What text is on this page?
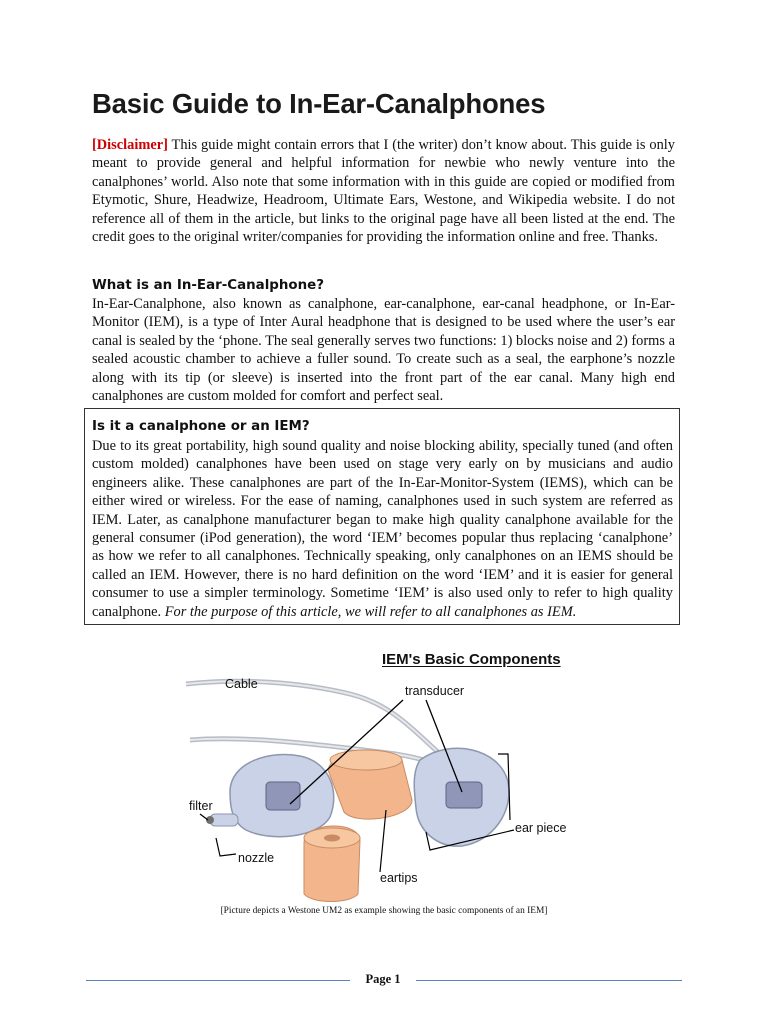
Basic Guide to In-Ear-Canalphones

[Disclaimer] This guide might contain errors that I (the writer) don’t know about. This guide is only meant to provide general and helpful information for newbie who newly venture into the canalphones’ world. Also note that some information with in this guide are copied or modified from Etymotic, Shure, Headwize, Headroom, Ultimate Ears, Westone, and Wikipedia website. I do not reference all of them in the article, but links to the original page have all been listed at the end. The credit goes to the original writer/companies for providing the information online and free. Thanks.

What is an In-Ear-Canalphone?

In-Ear-Canalphone, also known as canalphone, ear-canalphone, ear-canal headphone, or In-Ear-Monitor (IEM), is a type of Inter Aural headphone that is designed to be used where the user’s ear canal is sealed by the ‘phone. The seal generally serves two functions: 1) blocks noise and 2) forms a sealed acoustic chamber to achieve a fuller sound. To create such as a seal, the earphone’s nozzle along with its tip (or sleeve) is inserted into the front part of the ear canal. Many high end canalphones are custom molded for comfort and perfect seal.

Is it a canalphone or an IEM?

Due to its great portability, high sound quality and noise blocking ability, specially tuned (and often custom molded) canalphones have been used on stage very early on by musicians and audio engineers alike. These canalphones are part of the In-Ear-Monitor-System (IEMS), which can be either wired or wireless. For the ease of naming, canalphones used in such system are referred as IEM. Later, as canalphone manufacturer began to make high quality canalphone available for the general consumer (iPod generation), the word ‘IEM’ becomes popular thus replacing ‘canalphone’ as how we refer to all canalphones. Technically speaking, only canalphones on an IEMS should be called an IEM. However, there is no hard definition on the word ‘IEM’ and it is easier for general consumer to use a simpler terminology. Sometime ‘IEM’ is also used only to refer to high quality canalphone. For the purpose of this article, we will refer to all canalphones as IEM.

IEM's Basic Components
Cable	transducer
filter
nozzle
eartips
ear piece
[Picture depicts a Westone UM2 as example showing the basic components of an IEM]
Page 1
